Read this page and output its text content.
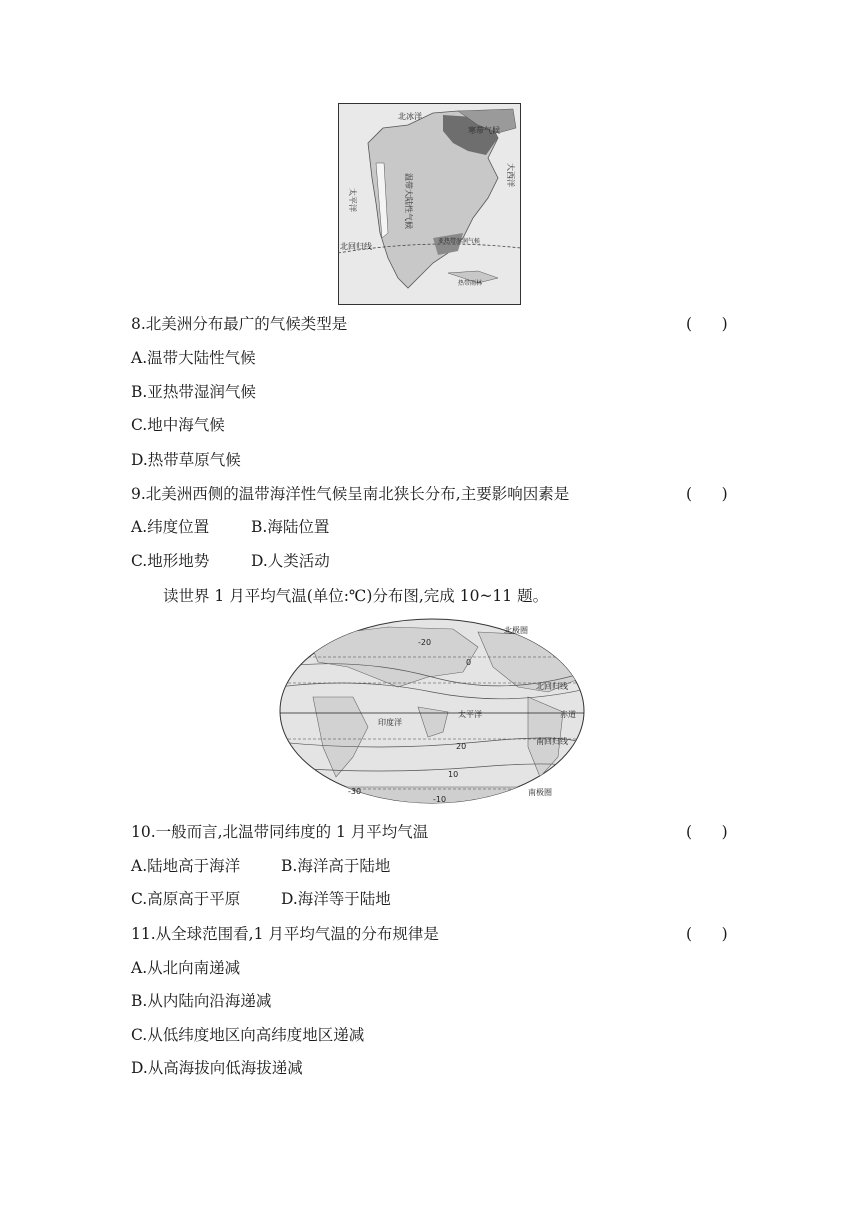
北冰洋
太平洋
大西洋
温带大陆性气候
寒带气候
北回归线
亚热带湿润气候
热带雨林
8.北美洲分布最广的气候类型是	(      )
A.温带大陆性气候
B.亚热带湿润气候
C.地中海气候
D.热带草原气候
9.北美洲西侧的温带海洋性气候呈南北狭长分布,主要影响因素是	(      )
A.纬度位置	B.海陆位置
C.地形地势	D.人类活动
读世界 1 月平均气温(单位:℃)分布图,完成 10~11 题。
北极圈
北回归线
赤道
南回归线
南极圈
印度洋
太平洋
10
20
0
-10
-20
-30
10.一般而言,北温带同纬度的 1 月平均气温	(      )
A.陆地高于海洋	B.海洋高于陆地
C.高原高于平原	D.海洋等于陆地
11.从全球范围看,1 月平均气温的分布规律是	(      )
A.从北向南递减
B.从内陆向沿海递减
C.从低纬度地区向高纬度地区递减
D.从高海拔向低海拔递减
